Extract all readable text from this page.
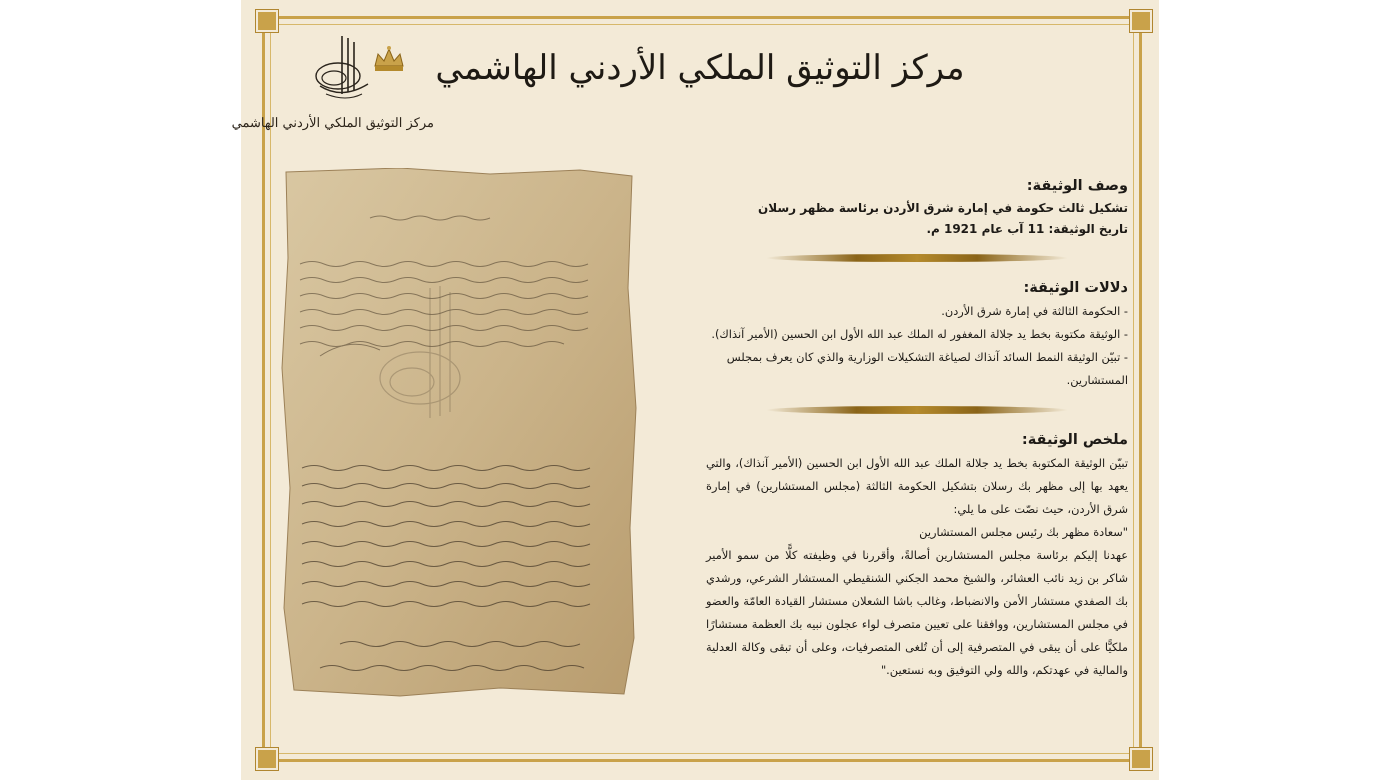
مركز التوثيق الملكي الأردني الهاشمي
مركز التوثيق الملكي الأردني الهاشمي
وصف الوثيقة:
تشكيل ثالث حكومة في إمارة شرق الأردن برئاسة مظهر رسلان
تاريخ الوثيقة: 11 آب عام 1921 م.
دلالات الوثيقة:
- الحكومة الثالثة في إمارة شرق الأردن.
- الوثيقة مكتوبة بخط يد جلالة المغفور له الملك عبد الله الأول ابن الحسين (الأمير آنذاك).
- تبيّن الوثيقة النمط السائد آنذاك لصياغة التشكيلات الوزارية والذي كان يعرف بمجلس
المستشارين.
ملخص الوثيقة:
تبيّن الوثيقة المكتوبة بخط يد جلالة الملك عبد الله الأول ابن الحسين (الأمير آنذاك)، والتي يعهد بها إلى مظهر بك رسلان بتشكيل الحكومة الثالثة (مجلس المستشارين) في إمارة شرق الأردن، حيث نصّت على ما يلي:
"سعادة مظهر بك رئيس مجلس المستشارين
عهدنا إليكم برئاسة مجلس المستشارين أصالةً، وأقررنا في وظيفته كلًّا من سمو الأمير شاكر بن زيد نائب العشائر، والشيخ محمد الجكني الشنقيطي المستشار الشرعي، ورشدي بك الصفدي مستشار الأمن والانضباط، وغالب باشا الشعلان مستشار القيادة العامّة والعضو في مجلس المستشارين، ووافقنا على تعيين متصرف لواء عجلون نبيه بك العظمة مستشارًا ملكيًّا على أن يبقى في المتصرفية إلى أن تُلغى المتصرفيات، وعلى أن تبقى وكالة العدلية والمالية في عهدتكم، والله ولي التوفيق وبه نستعين."
